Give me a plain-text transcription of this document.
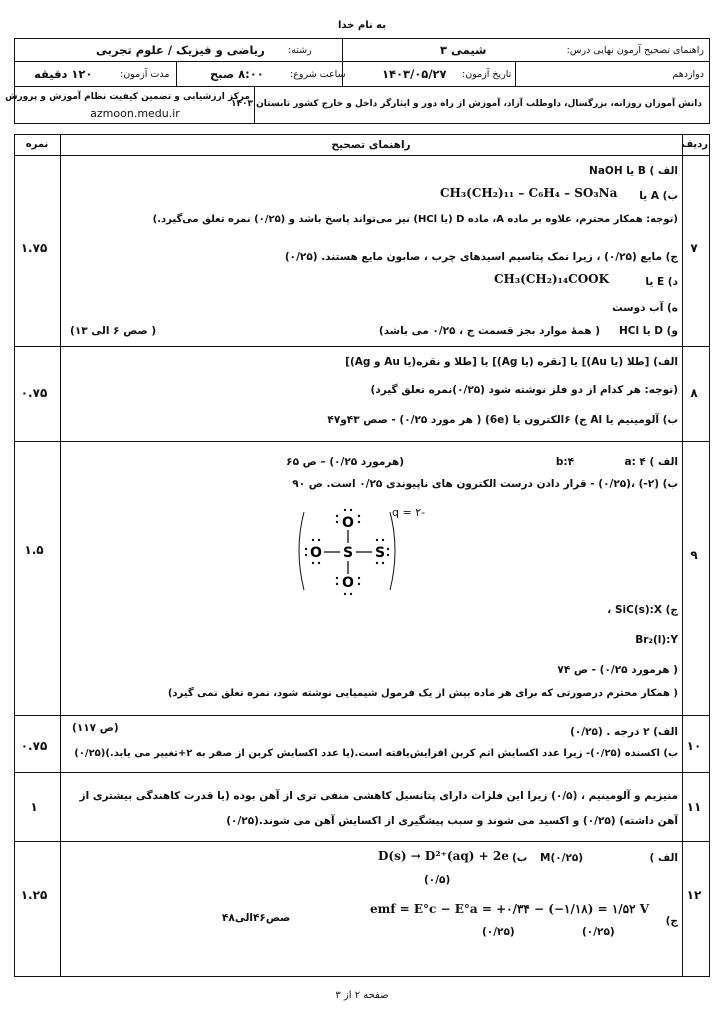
به نام خدا
راهنمای تصحیح آزمون نهایی درس:
شیمی ۳
رشته:
ریاضی و فیزیک / علوم تجربی
دوازدهم
تاریخ آزمون:
۱۴۰۳/۰۵/۲۷
ساعت شروع:
۸:۰۰ صبح
مدت آزمون:
۱۲۰ دقیقه
دانش آموزان روزانه، بزرگسال، داوطلب آزاد، آموزش از راه دور و ایثارگر داخل و خارج کشور تابستان ۱۴۰۳
مرکز ارزشیابی و تضمین کیفیت نظام آموزش و پرورش
azmoon.medu.ir
ردیف
راهنمای تصحیح
نمره
۷
۱.۷۵
الف ) B یا NaOH
ب) A یا
CH₃(CH₂)₁₁ – C₆H₄ – SO₃Na
(توجه: همکار محترم، علاوه بر ماده A، ماده D (یا HCl) نیز می‌تواند پاسخ باشد و (۰/۲۵) نمره تعلق می‌گیرد.)
ج) مایع (۰/۲۵) ، زیرا نمک پتاسیم اسیدهای چرب ، صابون مایع هستند. (۰/۲۵)
د) E یا
CH₃(CH₂)₁₄COOK
ه) آب دوست
و) D یا HCl
( همهٔ موارد بجز قسمت ج ، ۰/۲۵ می باشد)
( صص ۶ الی ۱۳)
۸
۰.۷۵
الف) [طلا (یا Au)] یا [نقره (یا Ag)] یا [طلا و نقره(یا Au و Ag)]
(توجه: هر کدام از دو فلز نوشته شود (۰/۲۵)نمره تعلق گیرد)
ب) آلومینیم یا Al ج) ۶الکترون یا (6e) ( هر مورد ۰/۲۵) - صص ۴۳و۴۷
۹
۱.۵
الف ) a: ۴
b:۴
(هرمورد ۰/۲۵) – ص ۶۵
ب) (۲-) ،(۰/۲۵) - قرار دادن درست الکترون های ناپیوندی ۰/۲۵ است. ص ۹۰
O
S
O
O	S
q = ۲-
ج) SiC(s):X ،
Br₂(l):Y
( هرمورد ۰/۲۵) - ص ۷۴
( همکار محترم درصورتی که برای هر ماده بیش از یک فرمول شیمیایی نوشته شود، نمره تعلق نمی گیرد)
۱۰
۰.۷۵
الف) ۲ درجه . (۰/۲۵)
(ص ۱۱۷)
ب) اکسنده (۰/۲۵)- زیرا عدد اکسایش اتم کربن افزایش‌یافته است.(یا عدد اکسایش کربن از صفر به ۲+تغییر می یابد.)(۰/۲۵)
۱۱
۱
منیزیم و آلومینیم ، (۰/۵) زیرا این فلزات دارای پتانسیل کاهشی منفی تری از آهن بوده (یا قدرت کاهندگی بیشتری از
آهن داشته) (۰/۲۵) و اکسید می شوند و سبب پیشگیری از اکسایش آهن می شوند.(۰/۲۵)
۱۲
۱.۲۵
الف )
M(۰/۲۵)
ب)
D(s) → D²⁺(aq) + 2e
(۰/۵)
ج)
emf = E°c − E°a = +۰/۳۴ − (−۱/۱۸) = ۱/۵۲ V
(۰/۲۵)	(۰/۲۵)
صص۴۶الی۴۸
صفحه ۲ از ۳
